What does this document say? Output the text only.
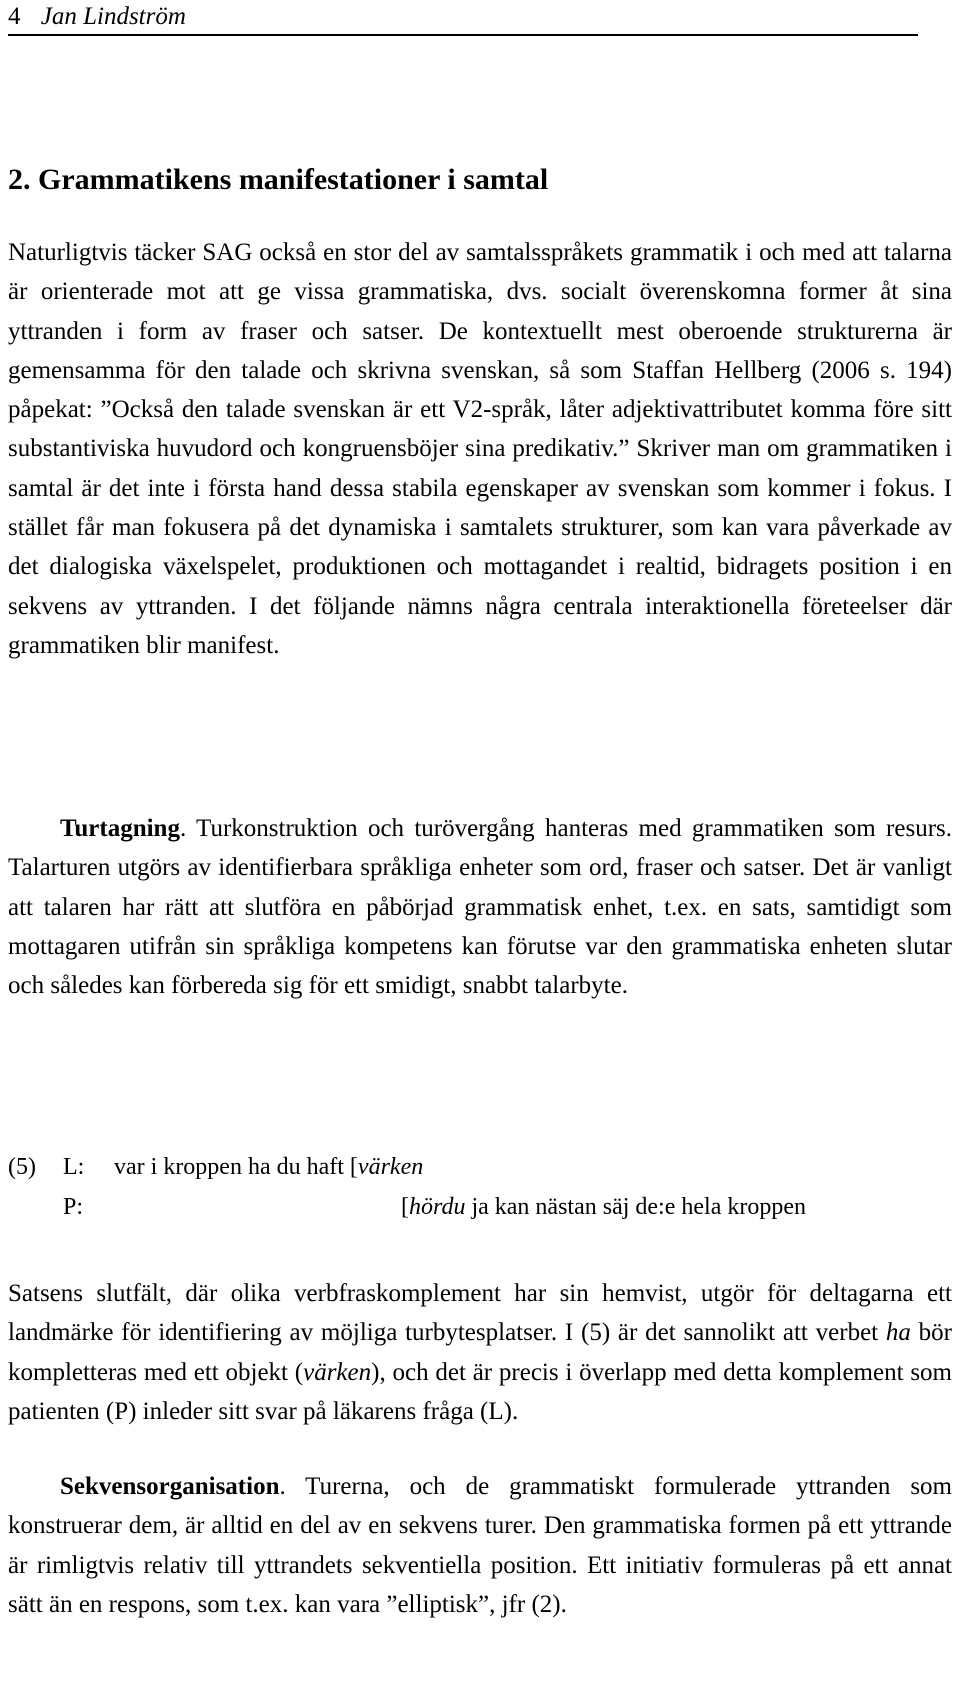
4 Jan Lindström
2. Grammatikens manifestationer i samtal

Naturligtvis täcker SAG också en stor del av samtalsspråkets grammatik i och med att talarna är orienterade mot att ge vissa grammatiska, dvs. socialt överenskomna former åt sina yttranden i form av fraser och satser. De kontextuellt mest oberoende strukturerna är gemensamma för den talade och skrivna svenskan, så som Staffan Hellberg (2006 s. 194) påpekat: ”Också den talade svenskan är ett V2-språk, låter adjektivattributet komma före sitt substantiviska huvudord och kongruensböjer sina predikativ.” Skriver man om grammatiken i samtal är det inte i första hand dessa stabila egenskaper av svenskan som kommer i fokus. I stället får man fokusera på det dynamiska i samtalets strukturer, som kan vara påverkade av det dialogiska växelspelet, produktionen och mottagandet i realtid, bidragets position i en sekvens av yttranden. I det följande nämns några centrala interaktionella företeelser där grammatiken blir manifest.

Turtagning. Turkonstruktion och turövergång hanteras med grammatiken som resurs. Talarturen utgörs av identifierbara språkliga enheter som ord, fraser och satser. Det är vanligt att talaren har rätt att slutföra en påbörjad grammatisk enhet, t.ex. en sats, samtidigt som mottagaren utifrån sin språkliga kompetens kan förutse var den grammatiska enheten slutar och således kan förbereda sig för ett smidigt, snabbt talarbyte.

(5) L: var i kroppen ha du haft [värken
P:	[hördu ja kan nästan säj de:e hela kroppen

Satsens slutfält, där olika verbfraskomplement har sin hemvist, utgör för deltagarna ett landmärke för identifiering av möjliga turbytesplatser. I (5) är det sannolikt att verbet ha bör kompletteras med ett objekt (värken), och det är precis i överlapp med detta komplement som patienten (P) inleder sitt svar på läkarens fråga (L).

Sekvensorganisation. Turerna, och de grammatiskt formulerade yttranden som konstruerar dem, är alltid en del av en sekvens turer. Den grammatiska formen på ett yttrande är rimligtvis relativ till yttrandets sekventiella position. Ett initiativ formuleras på ett annat sätt än en respons, som t.ex. kan vara ”elliptisk”, jfr (2).
